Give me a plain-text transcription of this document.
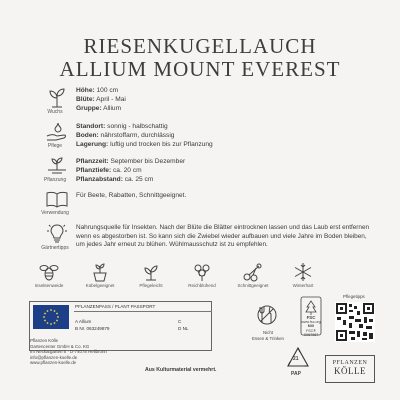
RIESENKUGELLAUCH
ALLIUM MOUNT EVEREST
Wuchs
Höhe: 100 cm
Blüte: April - Mai
Gruppe: Allium
Pflege
Standort: sonnig - halbschattig
Boden: nährstoffarm, durchlässig
Lagerung: luftig und trocken bis zur Pflanzung
Pflanzung
Pflanzzeit: September bis Dezember
Pflanztiefe: ca. 20 cm
Pflanzabstand: ca. 25 cm
Verwendung
Für Beete, Rabatten, Schnittgeeignet.
Gärtnertipps
Nahrungsquelle für Insekten. Nach der Blüte die Blätter eintrocknen lassen und das Laub erst entfernen wenn es abgestorben ist. So kann sich die Zwiebel wieder aufbauen und viele Jahre im Boden bleiben, um jedes Jahr erneut zu blühen. Wühlmausschutz ist zu empfehlen.
Insektenweide	Kübelgeeignet	Pflegeleicht	Reichblühend	Schnittgeeignet	Winterhart
PFLANZENPASS / PLANT PASSPORT
A Allium
B Nr. 063249879
C
D NL
Pflanzen Kölle
Gartencenter GmbH & Co. KG
Im Neckargarten 6 · D-74078 Heilbronn
info@pflanzen-koelle.de
www.pflanzen-koelle.de
Nicht
Essen & Trinken
FSC
www.fsc.org
MIX
FSC® C067967
Pflegetipps
21
PAP
Aus Kulturmaterial vermehrt.
PFLANZEN
KÖLLE
